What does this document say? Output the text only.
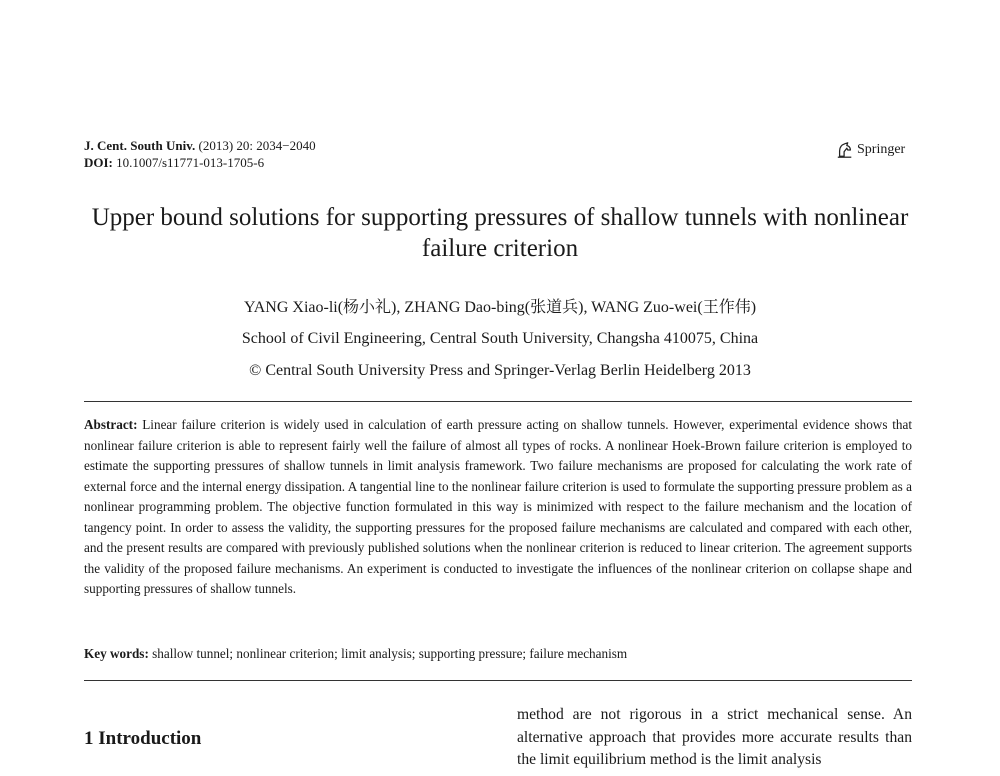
J. Cent. South Univ. (2013) 20: 2034−2040
DOI: 10.1007/s11771-013-1705-6
Springer
Upper bound solutions for supporting pressures of shallow tunnels with nonlinear failure criterion
YANG Xiao-li(杨小礼), ZHANG Dao-bing(张道兵), WANG Zuo-wei(王作伟)
School of Civil Engineering, Central South University, Changsha 410075, China
© Central South University Press and Springer-Verlag Berlin Heidelberg 2013
Abstract: Linear failure criterion is widely used in calculation of earth pressure acting on shallow tunnels. However, experimental evidence shows that nonlinear failure criterion is able to represent fairly well the failure of almost all types of rocks. A nonlinear Hoek-Brown failure criterion is employed to estimate the supporting pressures of shallow tunnels in limit analysis framework. Two failure mechanisms are proposed for calculating the work rate of external force and the internal energy dissipation. A tangential line to the nonlinear failure criterion is used to formulate the supporting pressure problem as a nonlinear programming problem. The objective function formulated in this way is minimized with respect to the failure mechanism and the location of tangency point. In order to assess the validity, the supporting pressures for the proposed failure mechanisms are calculated and compared with each other, and the present results are compared with previously published solutions when the nonlinear criterion is reduced to linear criterion. The agreement supports the validity of the proposed failure mechanisms. An experiment is conducted to investigate the influences of the nonlinear criterion on collapse shape and supporting pressures of shallow tunnels.
Key words: shallow tunnel; nonlinear criterion; limit analysis; supporting pressure; failure mechanism
1 Introduction
method are not rigorous in a strict mechanical sense. An alternative approach that provides more accurate results than the limit equilibrium method is the limit analysis
